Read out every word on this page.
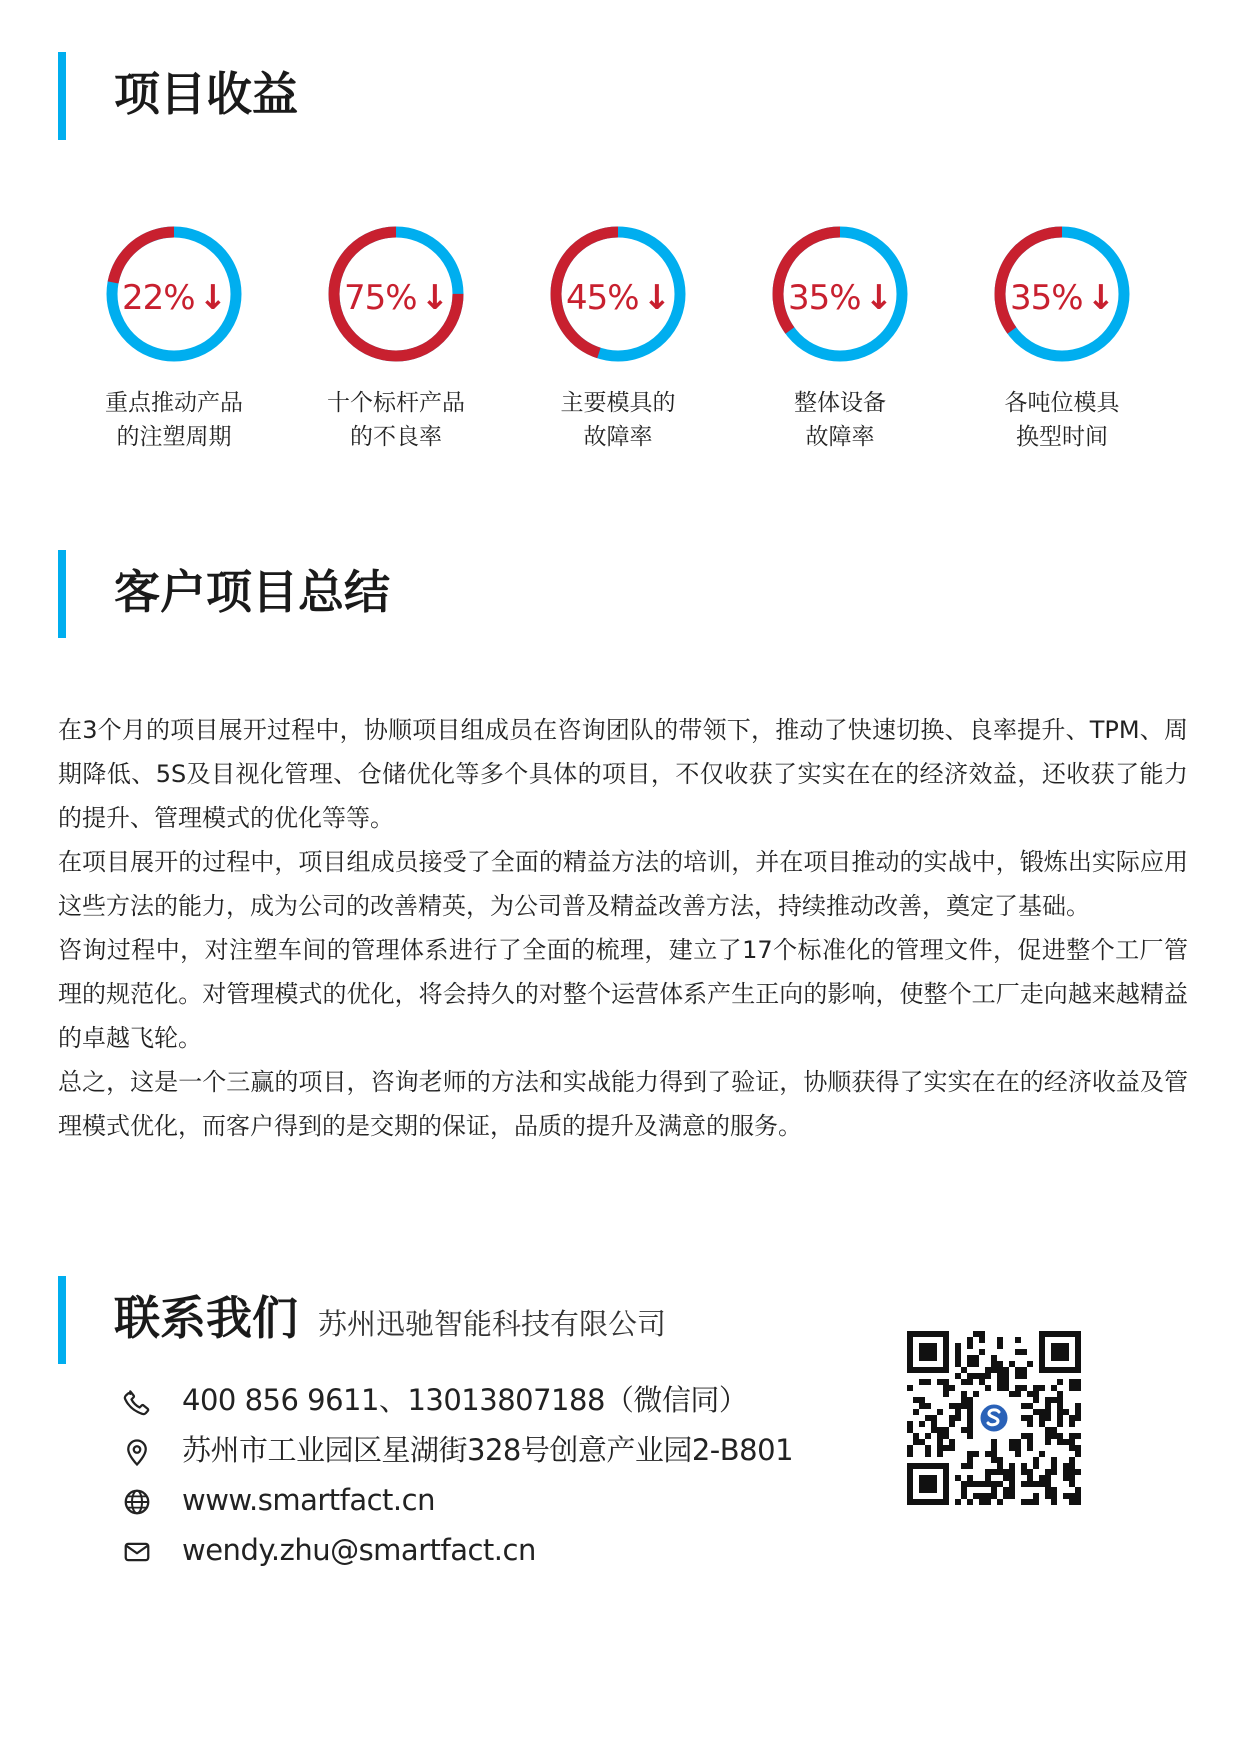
项目收益
22% ↓
重点推动产品
的注塑周期
75% ↓
十个标杆产品
的不良率
45% ↓
主要模具的
故障率
35% ↓
整体设备
故障率
35% ↓
各吨位模具
换型时间
客户项目总结

在3个月的项目展开过程中，协顺项目组成员在咨询团队的带领下，推动了快速切换、良率提升、TPM、周期降低、5S及目视化管理、仓储优化等多个具体的项目，不仅收获了实实在在的经济效益，还收获了能力的提升、管理模式的优化等等。

在项目展开的过程中，项目组成员接受了全面的精益方法的培训，并在项目推动的实战中，锻炼出实际应用这些方法的能力，成为公司的改善精英，为公司普及精益改善方法，持续推动改善，奠定了基础。

咨询过程中，对注塑车间的管理体系进行了全面的梳理，建立了17个标准化的管理文件，促进整个工厂管理的规范化。对管理模式的优化，将会持久的对整个运营体系产生正向的影响，使整个工厂走向越来越精益的卓越飞轮。

总之，这是一个三赢的项目，咨询老师的方法和实战能力得到了验证，协顺获得了实实在在的经济收益及管理模式优化，而客户得到的是交期的保证，品质的提升及满意的服务。

联系我们 苏州迅驰智能科技有限公司
400 856 9611、13013807188（微信同）
苏州市工业园区星湖街328号创意产业园2-B801
www.smartfact.cn
wendy.zhu@smartfact.cn
